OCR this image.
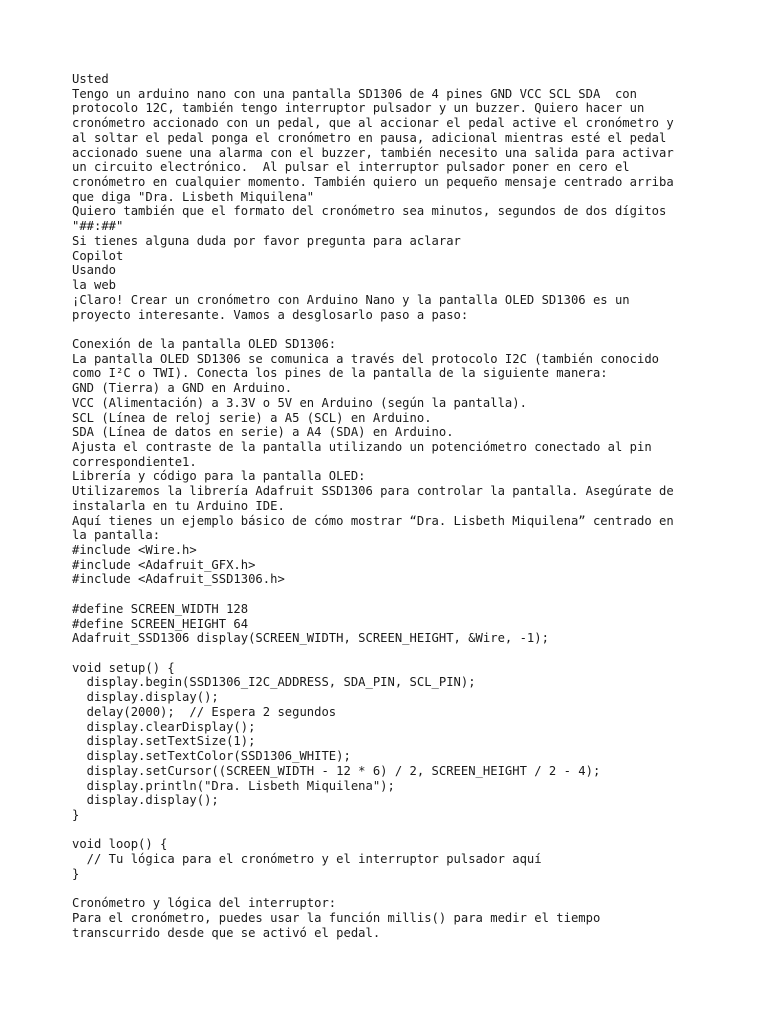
Usted
Tengo un arduino nano con una pantalla SD1306 de 4 pines GND VCC SCL SDA  con
protocolo 12C, también tengo interruptor pulsador y un buzzer. Quiero hacer un
cronómetro accionado con un pedal, que al accionar el pedal active el cronómetro y
al soltar el pedal ponga el cronómetro en pausa, adicional mientras esté el pedal
accionado suene una alarma con el buzzer, también necesito una salida para activar
un circuito electrónico.  Al pulsar el interruptor pulsador poner en cero el
cronómetro en cualquier momento. También quiero un pequeño mensaje centrado arriba
que diga "Dra. Lisbeth Miquilena"
Quiero también que el formato del cronómetro sea minutos, segundos de dos dígitos
"##:##"
Si tienes alguna duda por favor pregunta para aclarar
Copilot
Usando
la web
¡Claro! Crear un cronómetro con Arduino Nano y la pantalla OLED SD1306 es un
proyecto interesante. Vamos a desglosarlo paso a paso:
Conexión de la pantalla OLED SD1306:
La pantalla OLED SD1306 se comunica a través del protocolo I2C (también conocido
como I²C o TWI). Conecta los pines de la pantalla de la siguiente manera:
GND (Tierra) a GND en Arduino.
VCC (Alimentación) a 3.3V o 5V en Arduino (según la pantalla).
SCL (Línea de reloj serie) a A5 (SCL) en Arduino.
SDA (Línea de datos en serie) a A4 (SDA) en Arduino.
Ajusta el contraste de la pantalla utilizando un potenciómetro conectado al pin
correspondiente1.
Librería y código para la pantalla OLED:
Utilizaremos la librería Adafruit SSD1306 para controlar la pantalla. Asegúrate de
instalarla en tu Arduino IDE.
Aquí tienes un ejemplo básico de cómo mostrar “Dra. Lisbeth Miquilena” centrado en
la pantalla:
#include <Wire.h>
#include <Adafruit_GFX.h>
#include <Adafruit_SSD1306.h>
#define SCREEN_WIDTH 128
#define SCREEN_HEIGHT 64
Adafruit_SSD1306 display(SCREEN_WIDTH, SCREEN_HEIGHT, &Wire, -1);
void setup() {
display.begin(SSD1306_I2C_ADDRESS, SDA_PIN, SCL_PIN);
display.display();
delay(2000);  // Espera 2 segundos
display.clearDisplay();
display.setTextSize(1);
display.setTextColor(SSD1306_WHITE);
display.setCursor((SCREEN_WIDTH - 12 * 6) / 2, SCREEN_HEIGHT / 2 - 4);
display.println("Dra. Lisbeth Miquilena");
display.display();
}
void loop() {
// Tu lógica para el cronómetro y el interruptor pulsador aquí
}
Cronómetro y lógica del interruptor:
Para el cronómetro, puedes usar la función millis() para medir el tiempo
transcurrido desde que se activó el pedal.
